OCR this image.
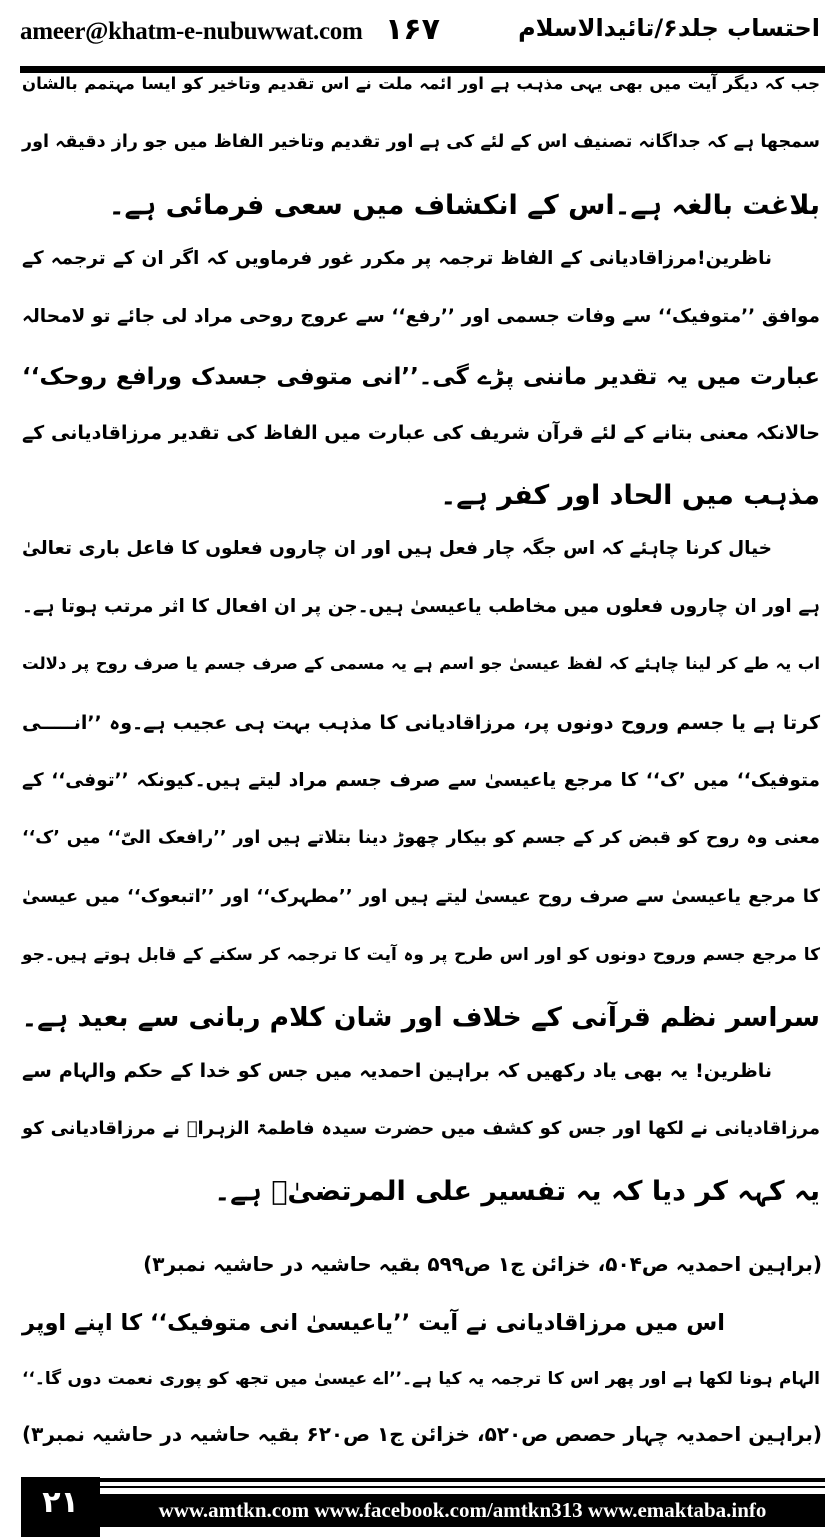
ameer@khatm-e-nubuwwat.com ۱۶۷	احتساب جلد۶/تائیدالاسلام
جب کہ دیگر آیت میں بھی یہی مذہب ہے اور ائمہ ملت نے اس تقدیم وتاخیر کو ایسا مہتمم بالشان
سمجھا ہے کہ جداگانہ تصنیف اس کے لئے کی ہے اور تقدیم وتاخیر الفاظ میں جو راز دقیقہ اور
بلاغت بالغہ ہے۔اس کے انکشاف میں سعی فرمائی ہے۔
ناظرین!مرزاقادیانی کے الفاظ ترجمہ پر مکرر غور فرماویں کہ اگر ان کے ترجمہ کے
موافق ’’متوفیک‘‘ سے وفات جسمی اور ’’رفع‘‘ سے عروج روحی مراد لی جائے تو لامحالہ
عبارت میں یہ تقدیر ماننی پڑے گی۔’’انی متوفی جسدک ورافع روحک‘‘
حالانکہ معنی بتانے کے لئے قرآن شریف کی عبارت میں الفاظ کی تقدیر مرزاقادیانی کے
مذہب میں الحاد اور کفر ہے۔
خیال کرنا چاہئے کہ اس جگہ چار فعل ہیں اور ان چاروں فعلوں کا فاعل باری تعالیٰ
ہے اور ان چاروں فعلوں میں مخاطب یاعیسیٰ ہیں۔جن پر ان افعال کا اثر مرتب ہوتا ہے۔
اب یہ طے کر لینا چاہئے کہ لفظ عیسیٰ جو اسم ہے یہ مسمی کے صرف جسم یا صرف روح پر دلالت
کرتا ہے یا جسم وروح دونوں پر، مرزاقادیانی کا مذہب بہت ہی عجیب ہے۔وہ ’’انـــــی
متوفیک‘‘ میں ’ک‘‘ کا مرجع یاعیسیٰ سے صرف جسم مراد لیتے ہیں۔کیونکہ ’’توفی‘‘ کے
معنی وہ روح کو قبض کر کے جسم کو بیکار چھوڑ دینا بتلاتے ہیں اور ’’رافعک الیّ‘‘ میں ’ک‘‘
کا مرجع یاعیسیٰ سے صرف روح عیسیٰ لیتے ہیں اور ’’مطہرک‘‘ اور ’’اتبعوک‘‘ میں عیسیٰ
کا مرجع جسم وروح دونوں کو اور اس طرح پر وہ آیت کا ترجمہ کر سکنے کے قابل ہوتے ہیں۔جو
سراسر نظم قرآنی کے خلاف اور شان کلام ربانی سے بعید ہے۔
ناظرین! یہ بھی یاد رکھیں کہ براہین احمدیہ میں جس کو خدا کے حکم والہام سے
مرزاقادیانی نے لکھا اور جس کو کشف میں حضرت سیدہ فاطمۃ الزہراؓ نے مرزاقادیانی کو
یہ کہہ کر دیا کہ یہ تفسیر علی المرتضیٰؓ ہے۔
(براہین احمدیہ ص۵۰۴، خزائن ج۱ ص۵۹۹ بقیہ حاشیہ در حاشیہ نمبر۳)
اس میں مرزاقادیانی نے آیت ’’یاعیسیٰ انی متوفیک‘‘ کا اپنے اوپر
الہام ہونا لکھا ہے اور پھر اس کا ترجمہ یہ کیا ہے۔’’اے عیسیٰ میں تجھ کو پوری نعمت دوں گا۔‘‘
(براہین احمدیہ چہار حصص ص۵۲۰، خزائن ج۱ ص۶۲۰ بقیہ حاشیہ در حاشیہ نمبر۳)
۲۱	www.amtkn.com www.facebook.com/amtkn313 www.emaktaba.info
